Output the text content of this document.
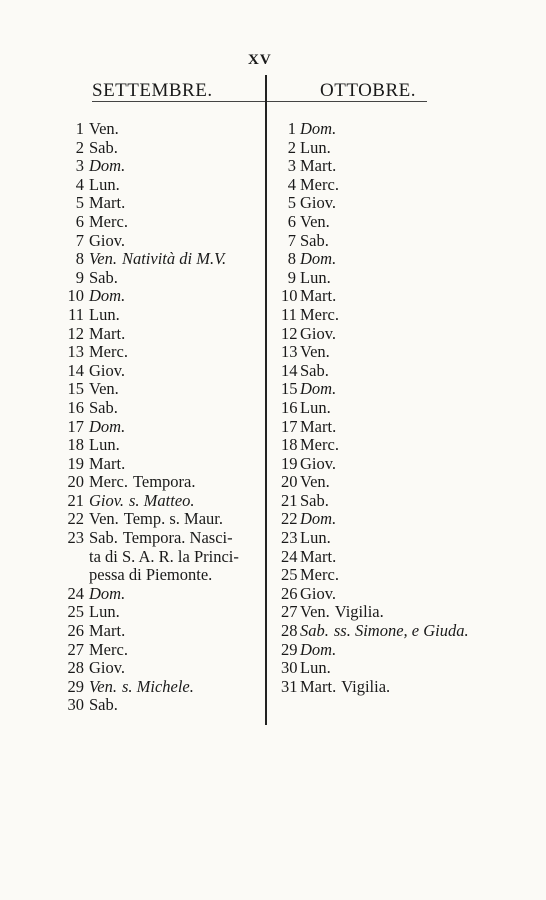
XV
SETTEMBRE.	OTTOBRE.
1 Ven.
2 Sab.
3 Dom.
4 Lun.
5 Mart.
6 Merc.
7 Giov.
8 Ven. Natività di M.V.
9 Sab.
10 Dom.
11 Lun.
12 Mart.
13 Merc.
14 Giov.
15 Ven.
16 Sab.
17 Dom.
18 Lun.
19 Mart.
20 Merc. Tempora.
21 Giov. s. Matteo.
22 Ven. Temp. s. Maur.
23 Sab. Tempora. Nasci-
ta di S. A. R. la Princi-
pessa di Piemonte.
24 Dom.
25 Lun.
26 Mart.
27 Merc.
28 Giov.
29 Ven. s. Michele.
30 Sab.
1 Dom.
2 Lun.
3 Mart.
4 Merc.
5 Giov.
6 Ven.
7 Sab.
8 Dom.
9 Lun.
10 Mart.
11 Merc.
12 Giov.
13 Ven.
14 Sab.
15 Dom.
16 Lun.
17 Mart.
18 Merc.
19 Giov.
20 Ven.
21 Sab.
22 Dom.
23 Lun.
24 Mart.
25 Merc.
26 Giov.
27 Ven. Vigilia.
28 Sab. ss. Simone, e Giuda.
29 Dom.
30 Lun.
31 Mart. Vigilia.
